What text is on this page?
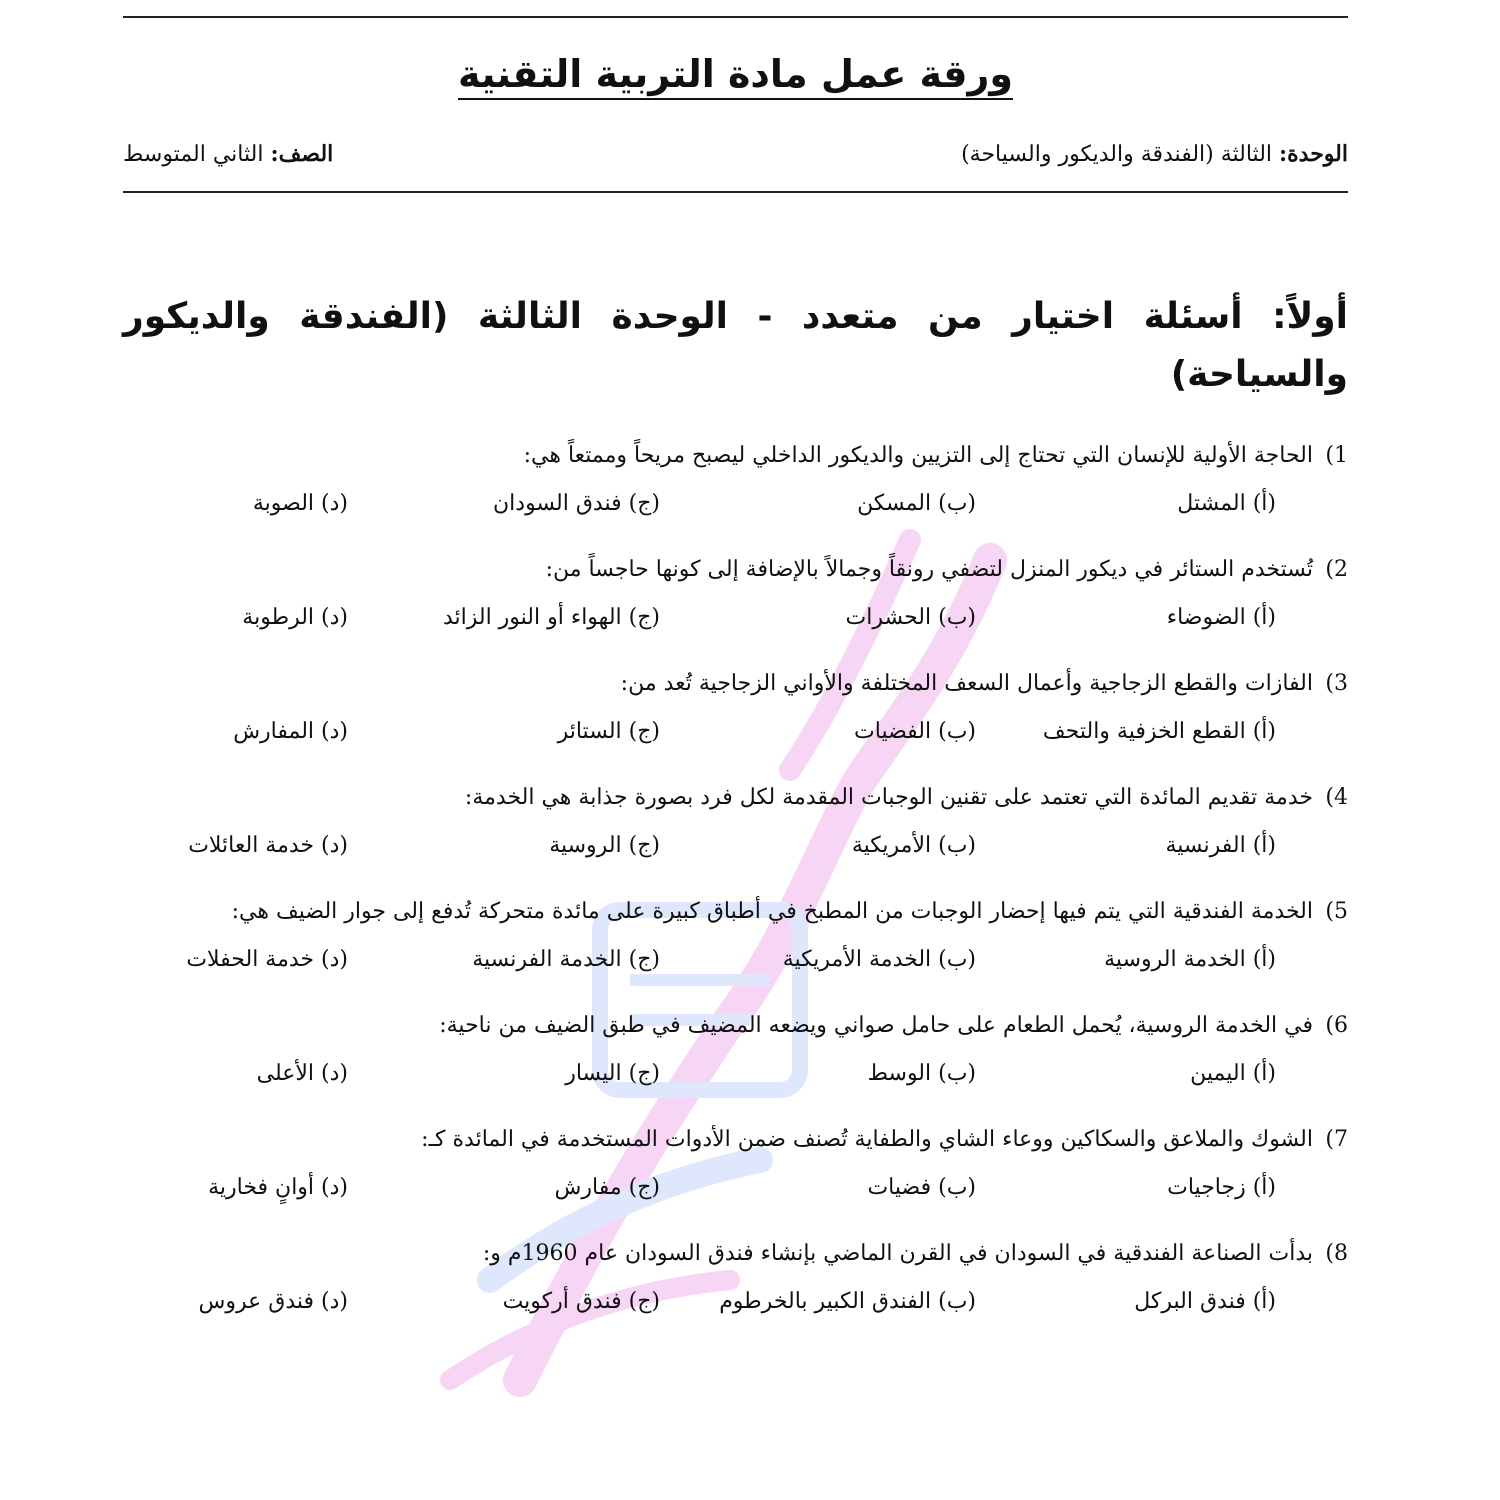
ورقة عمل مادة التربية التقنية
الوحدة: الثالثة (الفندقة والديكور والسياحة)
الصف: الثاني المتوسط
أولاً: أسئلة اختيار من متعدد - الوحدة الثالثة (الفندقة والديكور والسياحة)
1) الحاجة الأولية للإنسان التي تحتاج إلى التزيين والديكور الداخلي ليصبح مريحاً وممتعاً هي:
(أ) المشتل
(ب) المسكن
(ج) فندق السودان
(د) الصوبة
2) تُستخدم الستائر في ديكور المنزل لتضفي رونقاً وجمالاً بالإضافة إلى كونها حاجساً من:
(أ) الضوضاء
(ب) الحشرات
(ج) الهواء أو النور الزائد
(د) الرطوبة
3) الفازات والقطع الزجاجية وأعمال السعف المختلفة والأواني الزجاجية تُعد من:
(أ) القطع الخزفية والتحف
(ب) الفضيات
(ج) الستائر
(د) المفارش
4) خدمة تقديم المائدة التي تعتمد على تقنين الوجبات المقدمة لكل فرد بصورة جذابة هي الخدمة:
(أ) الفرنسية
(ب) الأمريكية
(ج) الروسية
(د) خدمة العائلات
5) الخدمة الفندقية التي يتم فيها إحضار الوجبات من المطبخ في أطباق كبيرة على مائدة متحركة تُدفع إلى جوار الضيف هي:
(أ) الخدمة الروسية
(ب) الخدمة الأمريكية
(ج) الخدمة الفرنسية
(د) خدمة الحفلات
6) في الخدمة الروسية، يُحمل الطعام على حامل صواني ويضعه المضيف في طبق الضيف من ناحية:
(أ) اليمين
(ب) الوسط
(ج) اليسار
(د) الأعلى
7) الشوك والملاعق والسكاكين ووعاء الشاي والطفاية تُصنف ضمن الأدوات المستخدمة في المائدة كـ:
(أ) زجاجيات
(ب) فضيات
(ج) مفارش
(د) أوانٍ فخارية
8) بدأت الصناعة الفندقية في السودان في القرن الماضي بإنشاء فندق السودان عام 1960م و:
(أ) فندق البركل
(ب) الفندق الكبير بالخرطوم
(ج) فندق أركويت
(د) فندق عروس
